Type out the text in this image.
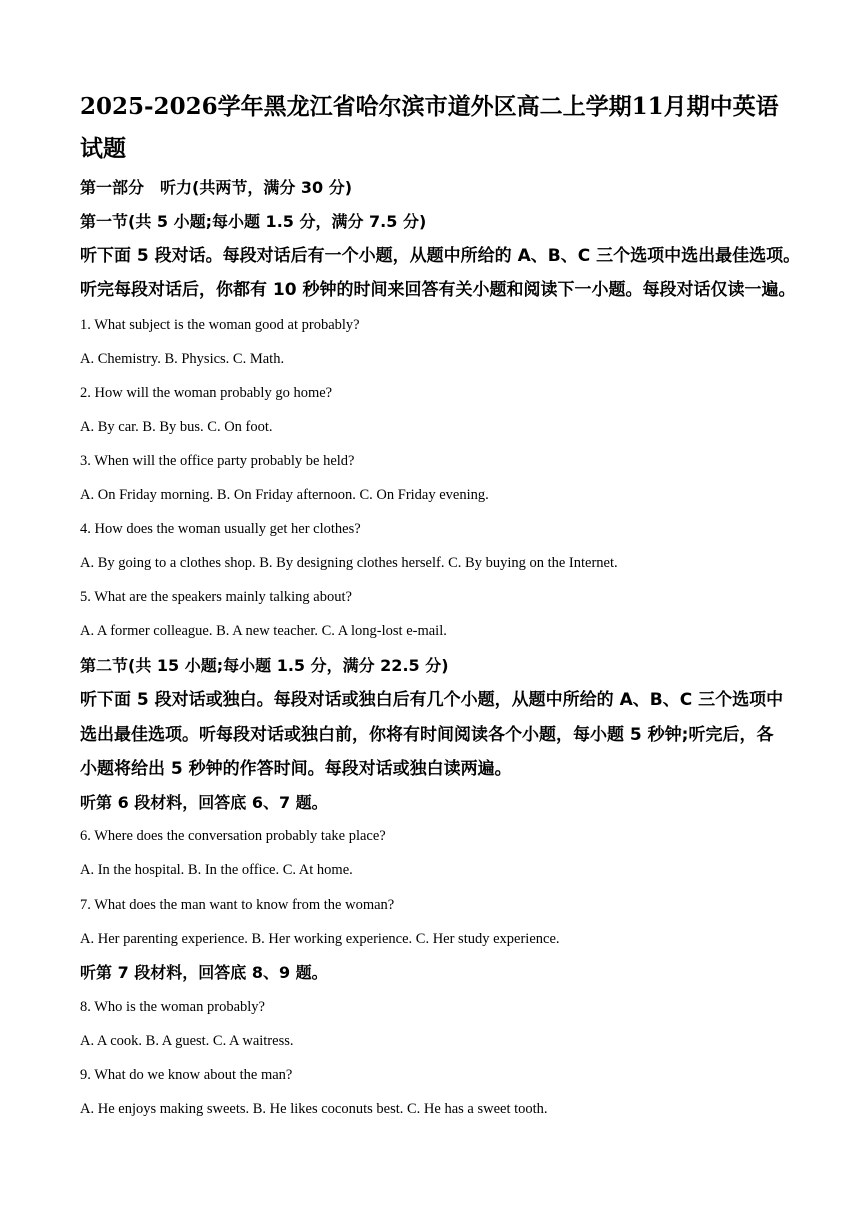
2025-2026学年黑龙江省哈尔滨市道外区高二上学期11月期中英语试题
第一部分　听力(共两节，满分 30 分)
第一节(共 5 小题;每小题 1.5 分，满分 7.5 分)
听下面 5 段对话。每段对话后有一个小题，从题中所给的 A、B、C 三个选项中选出最佳选项。
听完每段对话后，你都有 10 秒钟的时间来回答有关小题和阅读下一小题。每段对话仅读一遍。
1. What subject is the woman good at probably?
A. Chemistry. B. Physics. C. Math.
2. How will the woman probably go home?
A. By car. B. By bus. C. On foot.
3. When will the office party probably be held?
A. On Friday morning. B. On Friday afternoon. C. On Friday evening.
4. How does the woman usually get her clothes?
A. By going to a clothes shop. B. By designing clothes herself. C. By buying on the Internet.
5. What are the speakers mainly talking about?
A. A former colleague. B. A new teacher. C. A long-lost e-mail.
第二节(共 15 小题;每小题 1.5 分，满分 22.5 分)
听下面 5 段对话或独白。每段对话或独白后有几个小题，从题中所给的 A、B、C 三个选项中
选出最佳选项。听每段对话或独白前，你将有时间阅读各个小题，每小题 5 秒钟;听完后，各
小题将给出 5 秒钟的作答时间。每段对话或独白读两遍。
听第 6 段材料，回答底 6、7 题。
6. Where does the conversation probably take place?
A. In the hospital. B. In the office. C. At home.
7. What does the man want to know from the woman?
A. Her parenting experience. B. Her working experience. C. Her study experience.
听第 7 段材料，回答底 8、9 题。
8. Who is the woman probably?
A. A cook. B. A guest. C. A waitress.
9. What do we know about the man?
A. He enjoys making sweets. B. He likes coconuts best. C. He has a sweet tooth.
